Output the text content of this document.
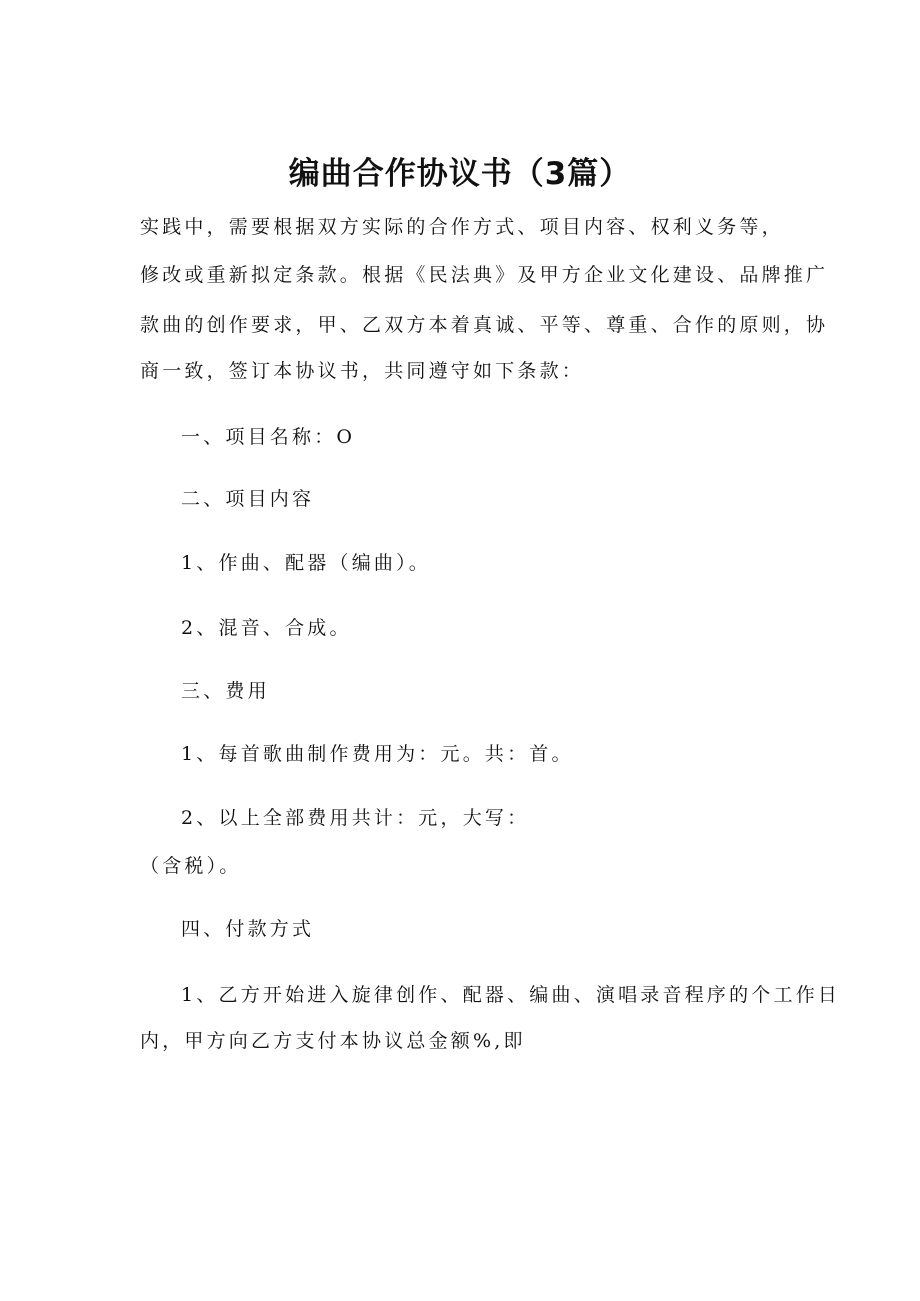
编曲合作协议书（3篇）

实践中，需要根据双方实际的合作方式、项目内容、权利义务等，

修改或重新拟定条款。根据《民法典》及甲方企业文化建设、品牌推广

款曲的创作要求，甲、乙双方本着真诚、平等、尊重、合作的原则，协

商一致，签订本协议书，共同遵守如下条款：

一、项目名称：O

二、项目内容

1、作曲、配器（编曲）。

2、混音、合成。

三、费用

1、每首歌曲制作费用为：元。共：首。

2、以上全部费用共计：元，大写：

（含税）。

四、付款方式

1、乙方开始进入旋律创作、配器、编曲、演唱录音程序的个工作日

内，甲方向乙方支付本协议总金额%,即
